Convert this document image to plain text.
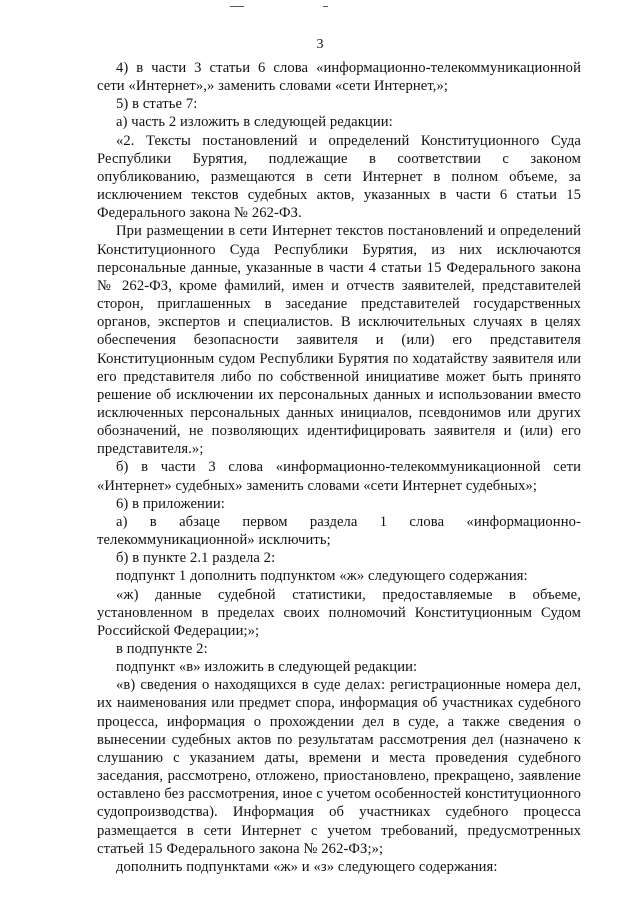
3

4) в части 3 статьи 6 слова «информационно-телекоммуникационной сети «Интернет»,» заменить словами «сети Интернет,»;

5) в статье 7:

а) часть 2 изложить в следующей редакции:

«2. Тексты постановлений и определений Конституционного Суда Республики Бурятия, подлежащие в соответствии с законом опубликованию, размещаются в сети Интернет в полном объеме, за исключением текстов судебных актов, указанных в части 6 статьи 15 Федерального закона № 262-ФЗ.

При размещении в сети Интернет текстов постановлений и определений Конституционного Суда Республики Бурятия, из них исключаются персональные данные, указанные в части 4 статьи 15 Федерального закона № 262-ФЗ, кроме фамилий, имен и отчеств заявителей, представителей сторон, приглашенных в заседание представителей государственных органов, экспертов и специалистов. В исключительных случаях в целях обеспечения безопасности заявителя и (или) его представителя Конституционным судом Республики Бурятия по ходатайству заявителя или его представителя либо по собственной инициативе может быть принято решение об исключении их персональных данных и использовании вместо исключенных персональных данных инициалов, псевдонимов или других обозначений, не позволяющих идентифицировать заявителя и (или) его представителя.»;

б) в части 3 слова «информационно-телекоммуникационной сети «Интернет» судебных» заменить словами «сети Интернет судебных»;

6) в приложении:

а) в абзаце первом раздела 1 слова «информационно-телекоммуникационной» исключить;

б) в пункте 2.1 раздела 2:

подпункт 1 дополнить подпунктом «ж» следующего содержания:

«ж) данные судебной статистики, предоставляемые в объеме, установленном в пределах своих полномочий Конституционным Судом Российской Федерации;»;

в подпункте 2:

подпункт «в» изложить в следующей редакции:

«в) сведения о находящихся в суде делах: регистрационные номера дел, их наименования или предмет спора, информация об участниках судебного процесса, информация о прохождении дел в суде, а также сведения о вынесении судебных актов по результатам рассмотрения дел (назначено к слушанию с указанием даты, времени и места проведения судебного заседания, рассмотрено, отложено, приостановлено, прекращено, заявление оставлено без рассмотрения, иное с учетом особенностей конституционного судопроизводства). Информация об участниках судебного процесса размещается в сети Интернет с учетом требований, предусмотренных статьей 15 Федерального закона № 262-ФЗ;»;

дополнить подпунктами «ж» и «з» следующего содержания:
